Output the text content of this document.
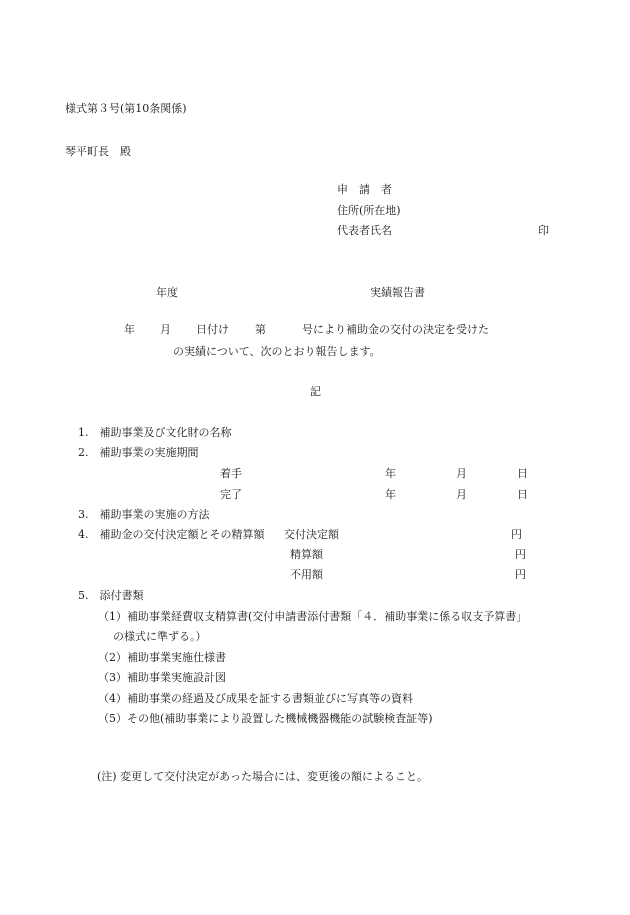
様式第３号(第10条関係)
琴平町長　殿
申　請　者
住所(所在地)
代表者氏名	印
年度	実績報告書
年 月 日付け 第	号により補助金の交付の決定を受けた
の実績について、次のとおり報告します。
記
1.　補助事業及び文化財の名称
2.　補助事業の実施期間
着手	年	月	日
完了	年	月	日
3.　補助事業の実施の方法
4.　補助金の交付決定額とその精算額 交付決定額	円
精算額	円
不用額	円
5.　添付書類
（1）補助事業経費収支精算書(交付申請書添付書類「４．補助事業に係る収支予算書」
の様式に準ずる。）
（2）補助事業実施仕様書
（3）補助事業実施設計図
（4）補助事業の経過及び成果を証する書類並びに写真等の資料
（5）その他(補助事業により設置した機械機器機能の試験検査証等)
(注) 変更して交付決定があった場合には、変更後の額によること。
